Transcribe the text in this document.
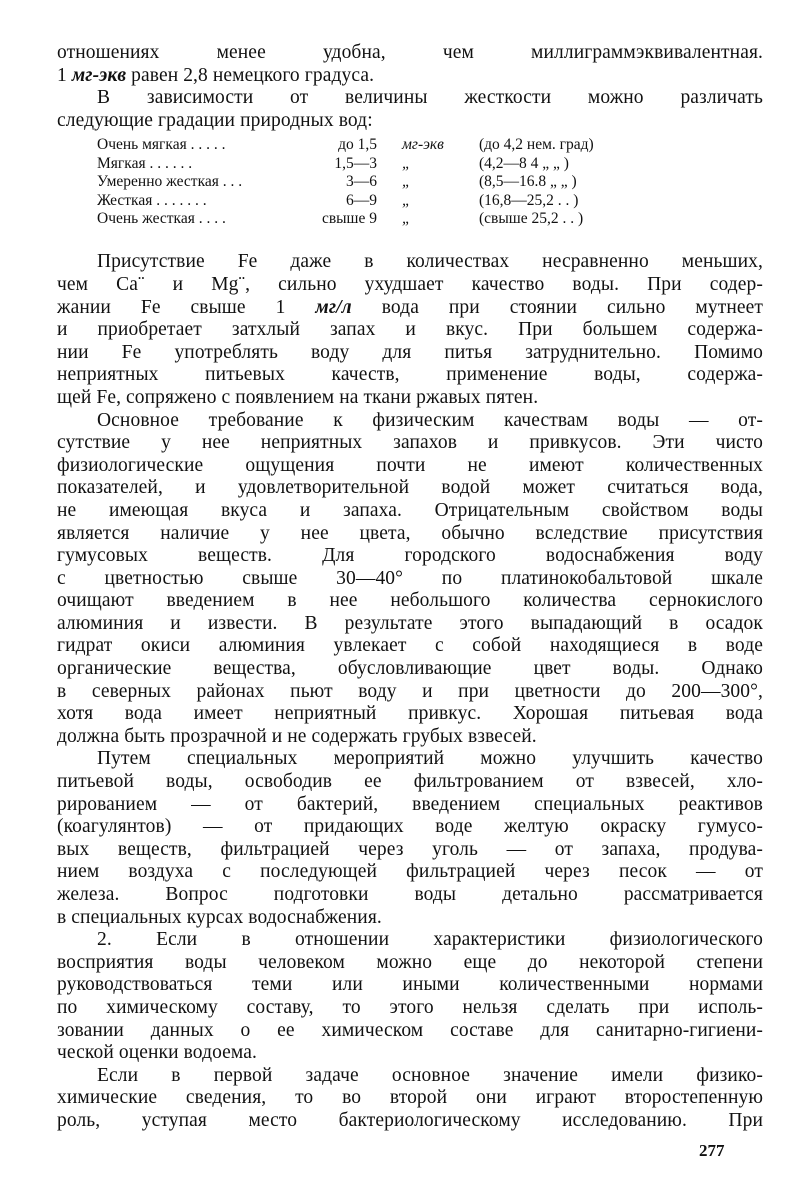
отношениях менее удобна, чем миллиграммэквивалентная.
1 мг-экв равен 2,8 немецкого градуса.
В зависимости от величины жесткости можно различать
следующие градации природных вод:
Очень мягкая . . . . .	до 1,5 мг-экв (до 4,2 нем. град)
Мягкая . . . . . .	1,5—3 „	(4,2—8 4 „ „ )
Умеренно жесткая . . .	3—6 „	(8,5—16.8 „ „ )
Жесткая . . . . . . .	6—9 „	(16,8—25,2 . . )
Очень жесткая . . . .	свыше 9 „	(свыше 25,2 . . )
Присутствие Fe даже в количествах несравненно меньших,
чем Ca¨ и Mg¨, сильно ухудшает качество воды. При содер-
жании Fe свыше 1 мг/л вода при стоянии сильно мутнеет
и приобретает затхлый запах и вкус. При большем содержа-
нии Fe употреблять воду для питья затруднительно. Помимо
неприятных питьевых качеств, применение воды, содержа-
щей Fe, сопряжено с появлением на ткани ржавых пятен.
Основное требование к физическим качествам воды — от-
сутствие у нее неприятных запахов и привкусов. Эти чисто
физиологические ощущения почти не имеют количественных
показателей, и удовлетворительной водой может считаться вода,
не имеющая вкуса и запаха. Отрицательным свойством воды
является наличие у нее цвета, обычно вследствие присутствия
гумусовых веществ. Для городского водоснабжения воду
с цветностью свыше 30—40° по платинокобальтовой шкале
очищают введением в нее небольшого количества сернокислого
алюминия и извести. В результате этого выпадающий в осадок
гидрат окиси алюминия увлекает с собой находящиеся в воде
органические вещества, обусловливающие цвет воды. Однако
в северных районах пьют воду и при цветности до 200—300°,
хотя вода имеет неприятный привкус. Хорошая питьевая вода
должна быть прозрачной и не содержать грубых взвесей.
Путем специальных мероприятий можно улучшить качество
питьевой воды, освободив ее фильтрованием от взвесей, хло-
рированием — от бактерий, введением специальных реактивов
(коагулянтов) — от придающих воде желтую окраску гумусо-
вых веществ, фильтрацией через уголь — от запаха, продува-
нием воздуха с последующей фильтрацией через песок — от
железа. Вопрос подготовки воды детально рассматривается
в специальных курсах водоснабжения.
2. Если в отношении характеристики физиологического
восприятия воды человеком можно еще до некоторой степени
руководствоваться теми или иными количественными нормами
по химическому составу, то этого нельзя сделать при исполь-
зовании данных о ее химическом составе для санитарно-гигиени-
ческой оценки водоема.
Если в первой задаче основное значение имели физико-
химические сведения, то во второй они играют второстепенную
роль, уступая место бактериологическому исследованию. При
277
